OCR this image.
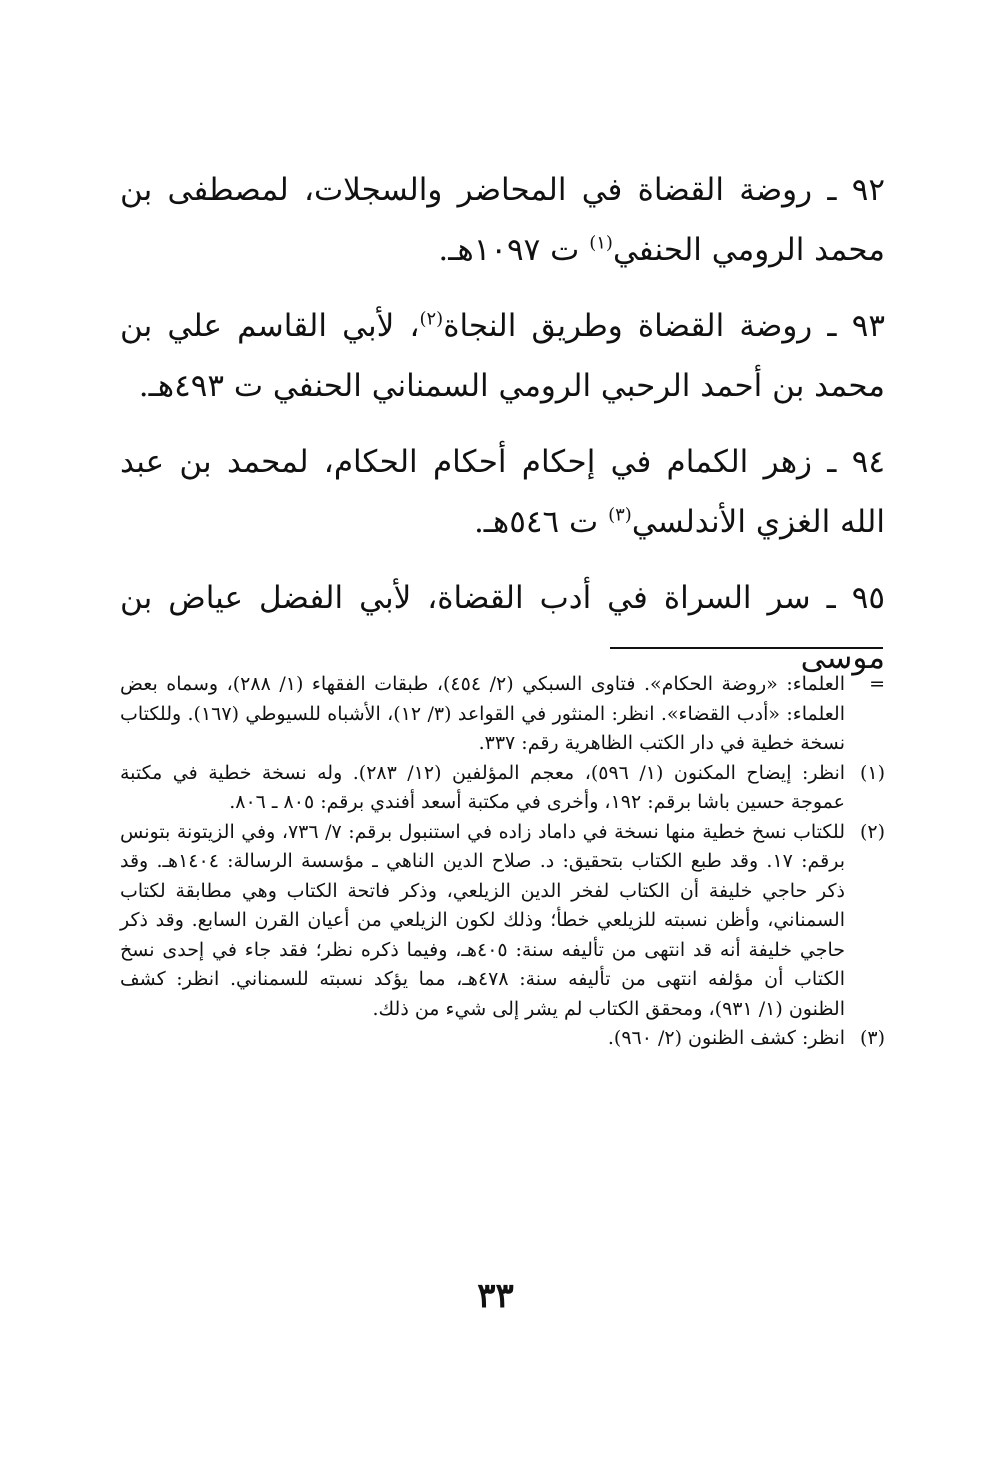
٩٢ ـ روضة القضاة في المحاضر والسجلات، لمصطفى بن محمد الرومي الحنفي$^{(١)}$ ت ١٠٩٧هـ.

٩٣ ـ روضة القضاة وطريق النجاة$^{(٢)}$، لأبي القاسم علي بن محمد بن أحمد الرحبي الرومي السمناني الحنفي ت ٤٩٣هـ.

٩٤ ـ زهر الكمام في إحكام أحكام الحكام، لمحمد بن عبد الله الغزي الأندلسي$^{(٣)}$ ت ٥٤٦هـ.

٩٥ ـ سر السراة في أدب القضاة، لأبي الفضل عياض بن موسى

=
العلماء: «روضة الحكام». فتاوى السبكي (٢/ ٤٥٤)، طبقات الفقهاء (١/ ٢٨٨)، وسماه بعض العلماء: «أدب القضاء». انظر: المنثور في القواعد (٣/ ١٢)، الأشباه للسيوطي (١٦٧). وللكتاب نسخة خطية في دار الكتب الظاهرية رقم: ٣٣٧.
(١)
انظر: إيضاح المكنون (١/ ٥٩٦)، معجم المؤلفين (١٢/ ٢٨٣). وله نسخة خطية في مكتبة عموجة حسين باشا برقم: ١٩٢، وأخرى في مكتبة أسعد أفندي برقم: ٨٠٥ ـ ٨٠٦.
(٢)
للكتاب نسخ خطية منها نسخة في داماد زاده في استنبول برقم: ٧/ ٧٣٦، وفي الزيتونة بتونس برقم: ١٧. وقد طبع الكتاب بتحقيق: د. صلاح الدين الناهي ـ مؤسسة الرسالة: ١٤٠٤هـ. وقد ذكر حاجي خليفة أن الكتاب لفخر الدين الزيلعي، وذكر فاتحة الكتاب وهي مطابقة لكتاب السمناني، وأظن نسبته للزيلعي خطأ؛ وذلك لكون الزيلعي من أعيان القرن السابع. وقد ذكر حاجي خليفة أنه قد انتهى من تأليفه سنة: ٤٠٥هـ، وفيما ذكره نظر؛ فقد جاء في إحدى نسخ الكتاب أن مؤلفه انتهى من تأليفه سنة: ٤٧٨هـ، مما يؤكد نسبته للسمناني. انظر: كشف الظنون (١/ ٩٣١)، ومحقق الكتاب لم يشر إلى شيء من ذلك.
(٣)
انظر: كشف الظنون (٢/ ٩٦٠).
٣٣
